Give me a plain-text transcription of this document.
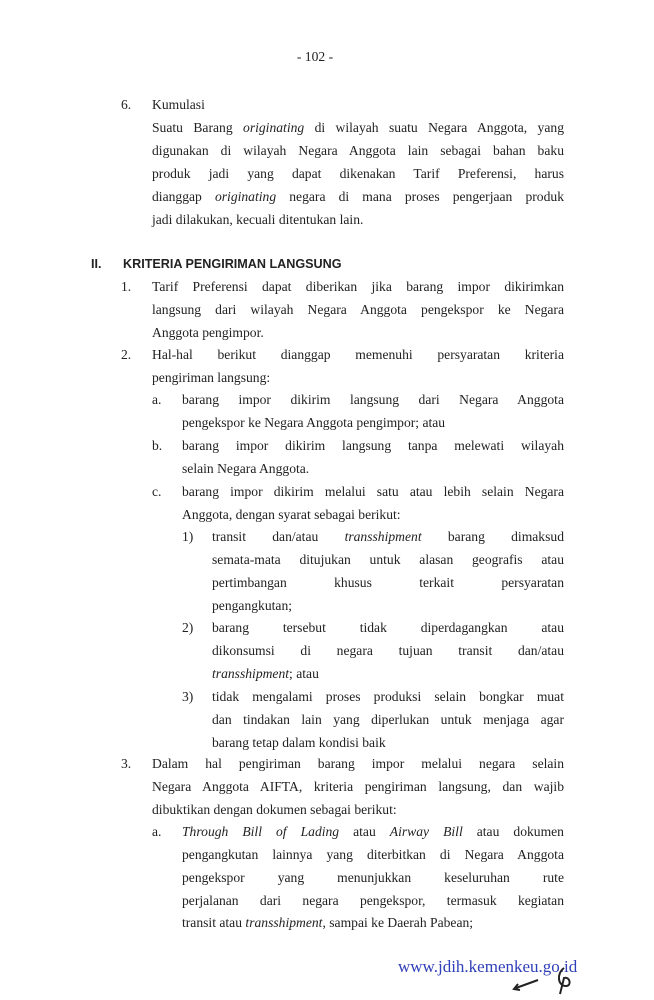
- 102 -
6.	Kumulasi
Suatu Barang originating di wilayah suatu Negara Anggota, yang
digunakan di wilayah Negara Anggota lain sebagai bahan baku
produk jadi yang dapat dikenakan Tarif Preferensi, harus
dianggap originating negara di mana proses pengerjaan produk
jadi dilakukan, kecuali ditentukan lain.
II. KRITERIA PENGIRIMAN LANGSUNG
1.	Tarif Preferensi dapat diberikan jika barang impor dikirimkan
langsung dari wilayah Negara Anggota pengekspor ke Negara
Anggota pengimpor.
2.	Hal-hal berikut dianggap memenuhi persyaratan kriteria
pengiriman langsung:
a.	barang impor dikirim langsung dari Negara Anggota
pengekspor ke Negara Anggota pengimpor; atau
b.	barang impor dikirim langsung tanpa melewati wilayah
selain Negara Anggota.
c.	barang impor dikirim melalui satu atau lebih selain Negara
Anggota, dengan syarat sebagai berikut:
1)	transit dan/atau transshipment barang dimaksud
semata-mata ditujukan untuk alasan geografis atau
pertimbangan khusus terkait persyaratan
pengangkutan;
2)	barang tersebut tidak diperdagangkan atau
dikonsumsi di negara tujuan transit dan/atau
transshipment; atau
3)	tidak mengalami proses produksi selain bongkar muat
dan tindakan lain yang diperlukan untuk menjaga agar
barang tetap dalam kondisi baik
3.	Dalam hal pengiriman barang impor melalui negara selain
Negara Anggota AIFTA, kriteria pengiriman langsung, dan wajib
dibuktikan dengan dokumen sebagai berikut:
a.	Through Bill of Lading atau Airway Bill atau dokumen
pengangkutan lainnya yang diterbitkan di Negara Anggota
pengekspor yang menunjukkan keseluruhan rute
perjalanan dari negara pengekspor, termasuk kegiatan
transit atau transshipment, sampai ke Daerah Pabean;
www.jdih.kemenkeu.go.id
